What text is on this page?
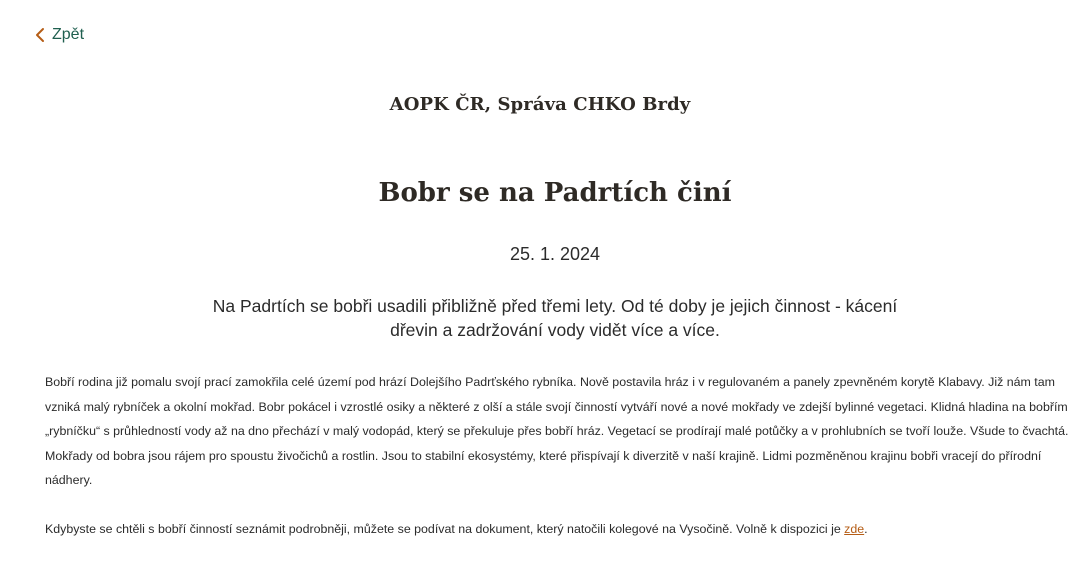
Zpět
AOPK ČR, Správa CHKO Brdy
Bobr se na Padrtích činí
25. 1. 2024
Na Padrtích se bobři usadili přibližně před třemi lety. Od té doby je jejich činnost - kácení dřevin a zadržování vody vidět více a více.

Bobří rodina již pomalu svojí prací zamokřila celé území pod hrází Dolejšího Padrťského rybníka. Nově postavila hráz i v regulovaném a panely zpevněném korytě Klabavy. Již nám tam vzniká malý rybníček a okolní mokřad. Bobr pokácel i vzrostlé osiky a některé z olší a stále svojí činností vytváří nové a nové mokřady ve zdejší bylinné vegetaci. Klidná hladina na bobřím „rybníčku“ s průhledností vody až na dno přechází v malý vodopád, který se překuluje přes bobří hráz. Vegetací se prodírají malé potůčky a v prohlubních se tvoří louže. Všude to čvachtá.

Mokřady od bobra jsou rájem pro spoustu živočichů a rostlin. Jsou to stabilní ekosystémy, které přispívají k diverzitě v naší krajině. Lidmi pozměněnou krajinu bobři vracejí do přírodní nádhery.

Kdybyste se chtěli s bobří činností seznámit podrobněji, můžete se podívat na dokument, který natočili kolegové na Vysočině. Volně k dispozici je zde.
